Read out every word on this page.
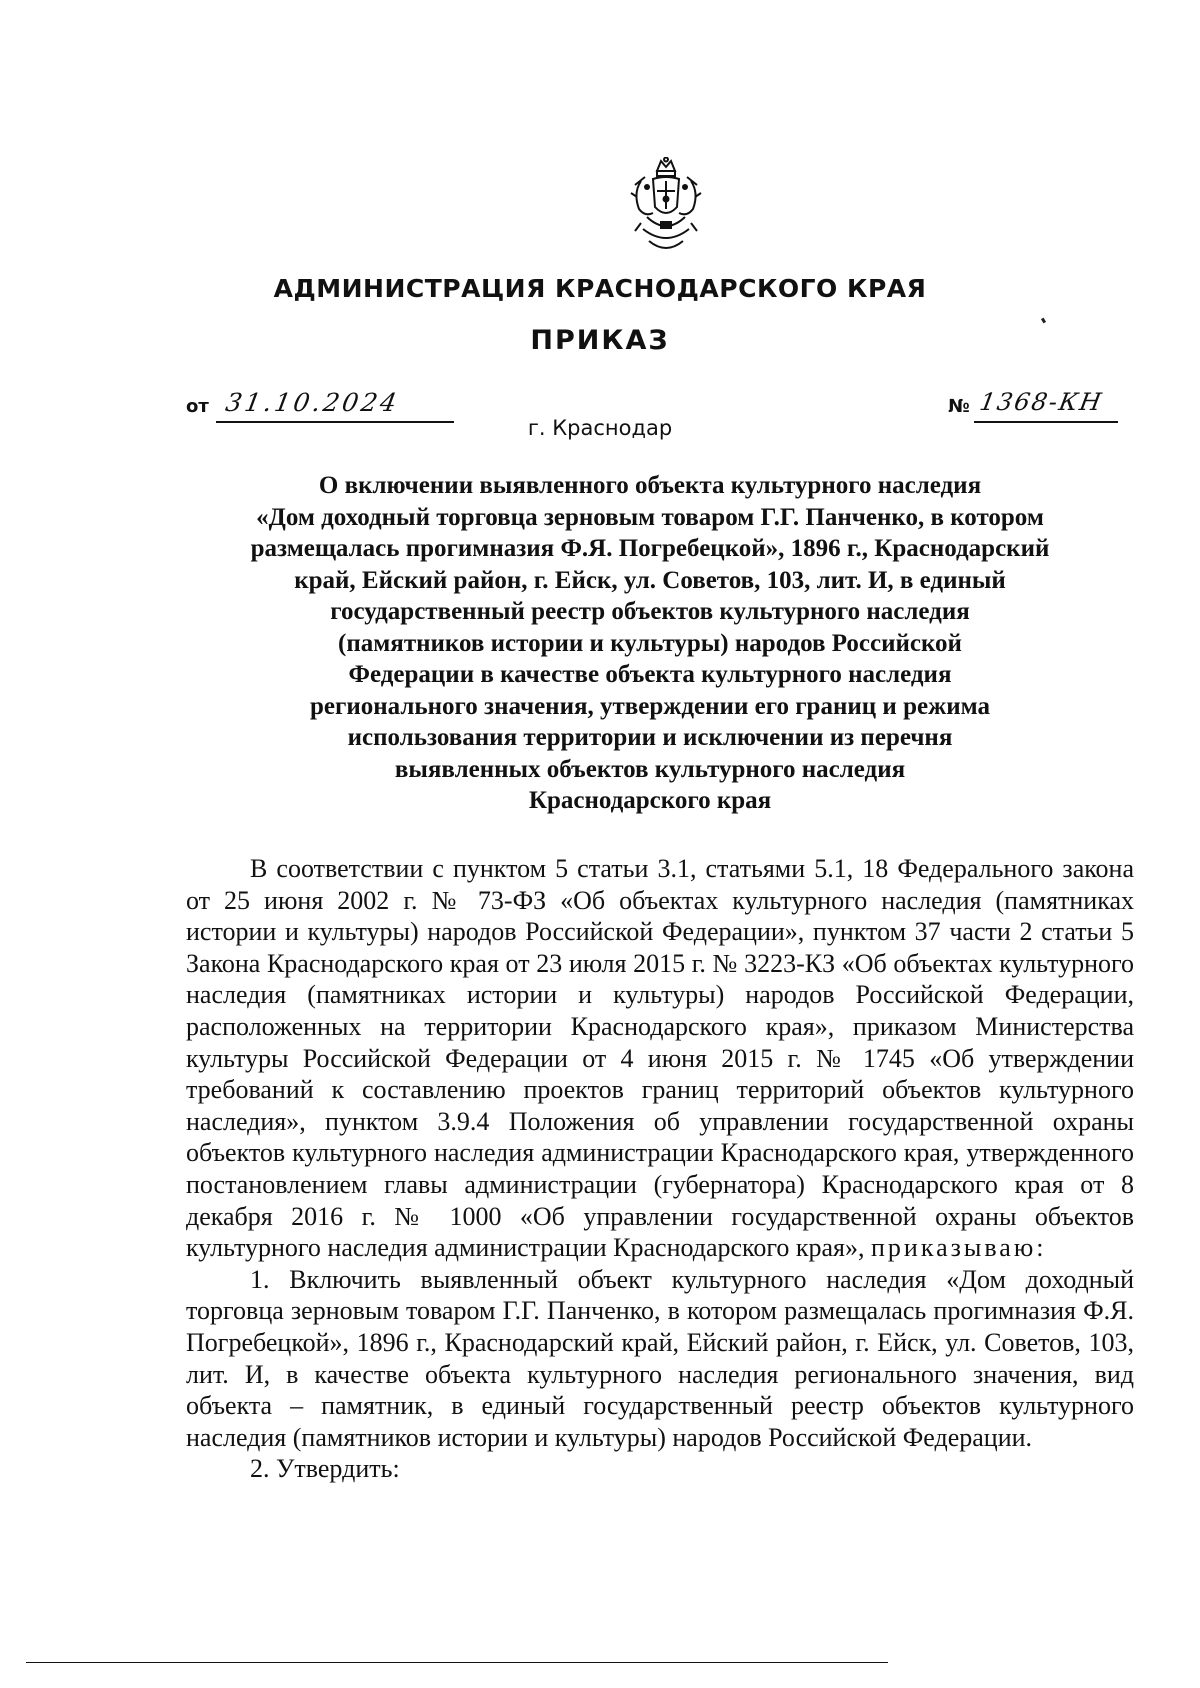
АДМИНИСТРАЦИЯ КРАСНОДАРСКОГО КРАЯ
ПРИКАЗ
от 31.10.2024	№ 1368-КН
г. Краснодар
О включении выявленного объекта культурного наследия
«Дом доходный торговца зерновым товаром Г.Г. Панченко, в котором
размещалась прогимназия Ф.Я. Погребецкой», 1896 г., Краснодарский
край, Ейский район, г. Ейск, ул. Советов, 103, лит. И, в единый
государственный реестр объектов культурного наследия
(памятников истории и культуры) народов Российской
Федерации в качестве объекта культурного наследия
регионального значения, утверждении его границ и режима
использования территории и исключении из перечня
выявленных объектов культурного наследия
Краснодарского края

В соответствии с пунктом 5 статьи 3.1, статьями 5.1, 18 Федерального закона от 25 июня 2002 г. № 73-ФЗ «Об объектах культурного наследия (памятниках истории и культуры) народов Российской Федерации», пунктом 37 части 2 статьи 5 Закона Краснодарского края от 23 июля 2015 г. № 3223-КЗ «Об объектах культурного наследия (памятниках истории и культуры) народов Российской Федерации, расположенных на территории Краснодарского края», приказом Министерства культуры Российской Федерации от 4 июня 2015 г. № 1745 «Об утверждении требований к составлению проектов границ территорий объектов культурного наследия», пунктом 3.9.4 Положения об управлении государственной охраны объектов культурного наследия администрации Краснодарского края, утвержденного постановлением главы администрации (губернатора) Краснодарского края от 8 декабря 2016 г. № 1000 «Об управлении государственной охраны объектов культурного наследия администрации Краснодарского края», приказываю:

1. Включить выявленный объект культурного наследия «Дом доходный торговца зерновым товаром Г.Г. Панченко, в котором размещалась прогимназия Ф.Я. Погребецкой», 1896 г., Краснодарский край, Ейский район, г. Ейск, ул. Советов, 103, лит. И, в качестве объекта культурного наследия регионального значения, вид объекта – памятник, в единый государственный реестр объектов культурного наследия (памятников истории и культуры) народов Российской Федерации.

2. Утвердить:
